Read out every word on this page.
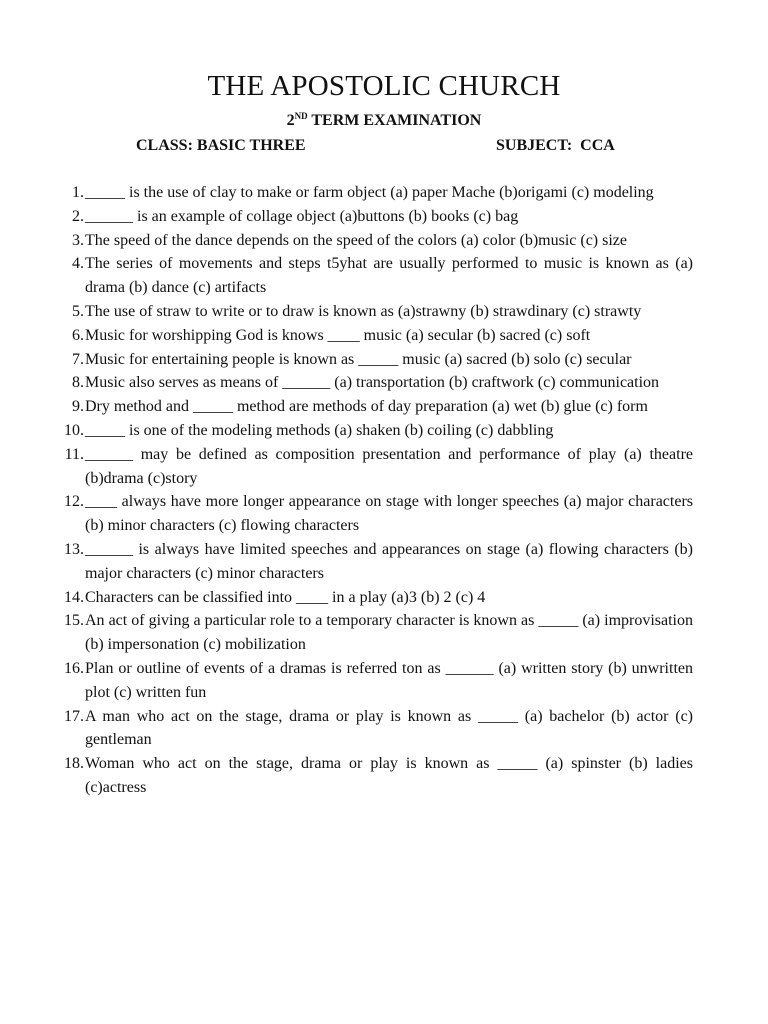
THE APOSTOLIC CHURCH
2ND TERM EXAMINATION
CLASS: BASIC THREE	SUBJECT:  CCA
1. _____ is the use of clay to make or farm object (a) paper Mache (b)origami (c) modeling
2. ______ is an example of collage object (a)buttons (b) books (c) bag
3. The speed of the dance depends on the speed of the colors (a) color (b)music (c) size
4. The series of movements and steps t5yhat are usually performed to music is known as (a) drama (b) dance (c) artifacts
5. The use of straw to write or to draw is known as (a)strawny (b) strawdinary (c) strawty
6. Music for worshipping God is knows ____ music (a) secular (b) sacred (c) soft
7. Music for entertaining people is known as _____ music (a) sacred (b) solo (c) secular
8. Music also serves as means of ______ (a) transportation (b) craftwork (c) communication
9. Dry method and _____ method are methods of day preparation (a) wet (b) glue (c) form
10. _____ is one of the modeling methods (a) shaken (b) coiling (c) dabbling
11. ______ may be defined as composition presentation and performance of play (a) theatre (b)drama (c)story
12. ____ always have more longer appearance on stage with longer speeches (a) major characters (b) minor characters (c) flowing characters
13. ______ is always have limited speeches and appearances on stage (a) flowing characters (b) major characters (c) minor characters
14. Characters can be classified into ____ in a play (a)3 (b) 2 (c) 4
15. An act of giving a particular role to a temporary character is known as _____ (a) improvisation (b) impersonation (c) mobilization
16. Plan or outline of events of a dramas is referred ton as ______ (a) written story (b) unwritten plot (c) written fun
17. A man who act on the stage, drama or play is known as _____ (a) bachelor (b) actor (c) gentleman
18. Woman who act on the stage, drama or play is known as _____ (a) spinster (b) ladies (c)actress
